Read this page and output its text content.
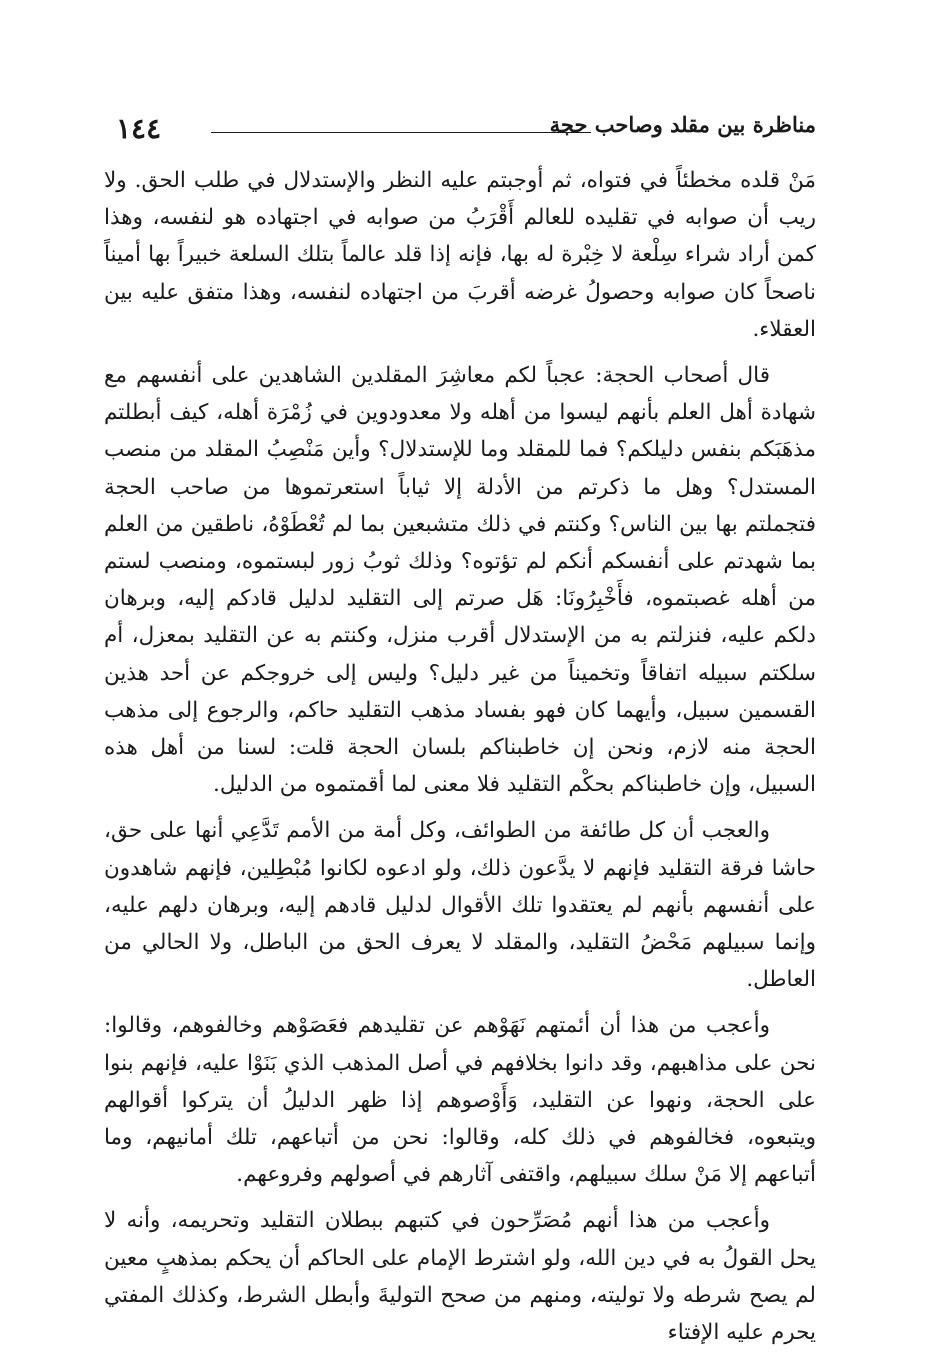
مناظرة بين مقلد وصاحب حجة
١٤٤

مَنْ قلده مخطئاً في فتواه، ثم أوجبتم عليه النظر والإستدلال في طلب الحق. ولا ريب أن صوابه في تقليده للعالم أَقْرَبُ من صوابه في اجتهاده هو لنفسه، وهذا كمن أراد شراء سِلْعة لا خِبْرة له بها، فإنه إذا قلد عالماً بتلك السلعة خبيراً بها أميناً ناصحاً كان صوابه وحصولُ غرضه أقربَ من اجتهاده لنفسه، وهذا متفق عليه بين العقلاء.

قال أصحاب الحجة: عجباً لكم معاشِرَ المقلدين الشاهدين على أنفسهم مع شهادة أهل العلم بأنهم ليسوا من أهله ولا معدودوين في زُمْرَة أهله، كيف أبطلتم مذهَبَكم بنفس دليلكم؟ فما للمقلد وما للإستدلال؟ وأين مَنْصِبُ المقلد من منصب المستدل؟ وهل ما ذكرتم من الأدلة إلا ثياباً استعرتموها من صاحب الحجة فتجملتم بها بين الناس؟ وكنتم في ذلك متشبعين بما لم تُعْطَوْهُ، ناطقين من العلم بما شهدتم على أنفسكم أنكم لم تؤتوه؟ وذلك ثوبُ زور لبستموه، ومنصب لستم من أهله غصبتموه، فأَخْبِرُونَا: هَل صرتم إلى التقليد لدليل قادكم إليه، وبرهان دلكم عليه، فنزلتم به من الإستدلال أقرب منزل، وكنتم به عن التقليد بمعزل، أم سلكتم سبيله اتفاقاً وتخميناً من غير دليل؟ وليس إلى خروجكم عن أحد هذين القسمين سبيل، وأيهما كان فهو بفساد مذهب التقليد حاكم، والرجوع إلى مذهب الحجة منه لازم، ونحن إن خاطبناكم بلسان الحجة قلت: لسنا من أهل هذه السبيل، وإن خاطبناكم بحكْم التقليد فلا معنى لما أقمتموه من الدليل.

والعجب أن كل طائفة من الطوائف، وكل أمة من الأمم تَدَّعِي أنها على حق، حاشا فرقة التقليد فإنهم لا يدَّعون ذلك، ولو ادعوه لكانوا مُبْطِلين، فإنهم شاهدون على أنفسهم بأنهم لم يعتقدوا تلك الأقوال لدليل قادهم إليه، وبرهان دلهم عليه، وإنما سبيلهم مَحْضُ التقليد، والمقلد لا يعرف الحق من الباطل، ولا الحالي من العاطل.

وأعجب من هذا أن أئمتهم نَهَوْهم عن تقليدهم فعَصَوْهم وخالفوهم، وقالوا: نحن على مذاهبهم، وقد دانوا بخلافهم في أصل المذهب الذي بَنَوْا عليه، فإنهم بنوا على الحجة، ونهوا عن التقليد، وَأَوْصوهم إذا ظهر الدليلُ أن يتركوا أقوالهم ويتبعوه، فخالفوهم في ذلك كله، وقالوا: نحن من أتباعهم، تلك أمانيهم، وما أتباعهم إلا مَنْ سلك سبيلهم، واقتفى آثارهم في أصولهم وفروعهم.

وأعجب من هذا أنهم مُصَرِّحون في كتبهم ببطلان التقليد وتحريمه، وأنه لا يحل القولُ به في دين الله، ولو اشترط الإمام على الحاكم أن يحكم بمذهبٍ معين لم يصح شرطه ولا توليته، ومنهم من صحح التوليةَ وأبطل الشرط، وكذلك المفتي يحرم عليه الإفتاء
